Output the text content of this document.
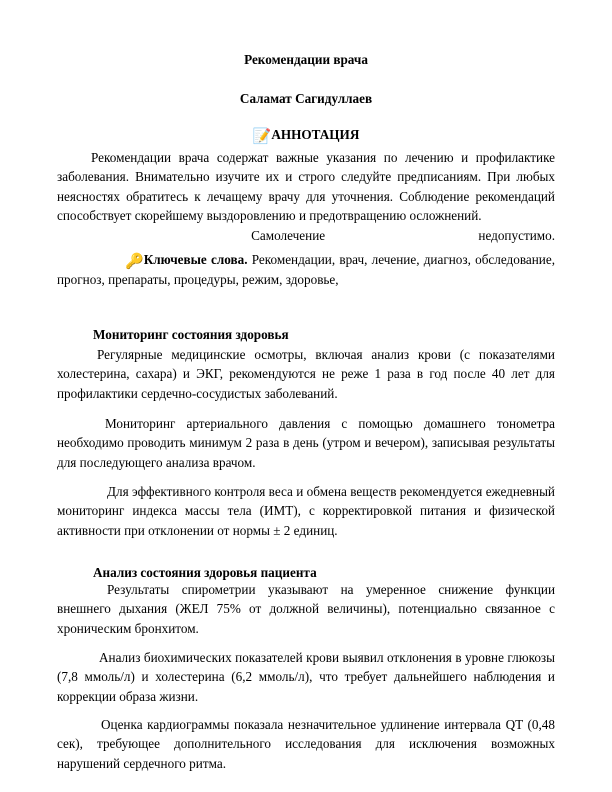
Рекомендации врача
Саламат Сагидуллаев
📝АННОТАЦИЯ
Рекомендации врача содержат важные указания по лечению и профилактике заболевания. Внимательно изучите их и строго следуйте предписаниям. При любых неясностях обратитесь к лечащему врачу для уточнения. Соблюдение рекомендаций способствует скорейшему выздоровлению и предотвращению осложнений.
Самолечение недопустимо.
🔑Ключевые слова. Рекомендации, врач, лечение, диагноз, обследование, прогноз, препараты, процедуры, режим, здоровье,
Мониторинг состояния здоровья
Регулярные медицинские осмотры, включая анализ крови (с показателями холестерина, сахара) и ЭКГ, рекомендуются не реже 1 раза в год после 40 лет для профилактики сердечно-сосудистых заболеваний.
Мониторинг артериального давления с помощью домашнего тонометра необходимо проводить минимум 2 раза в день (утром и вечером), записывая результаты для последующего анализа врачом.
Для эффективного контроля веса и обмена веществ рекомендуется ежедневный мониторинг индекса массы тела (ИМТ), с корректировкой питания и физической активности при отклонении от нормы ± 2 единиц.
Анализ состояния здоровья пациента
Результаты спирометрии указывают на умеренное снижение функции внешнего дыхания (ЖЕЛ 75% от должной величины), потенциально связанное с хроническим бронхитом.
Анализ биохимических показателей крови выявил отклонения в уровне глюкозы (7,8 ммоль/л) и холестерина (6,2 ммоль/л), что требует дальнейшего наблюдения и коррекции образа жизни.
Оценка кардиограммы показала незначительное удлинение интервала QT (0,48 сек), требующее дополнительного исследования для исключения возможных нарушений сердечного ритма.
